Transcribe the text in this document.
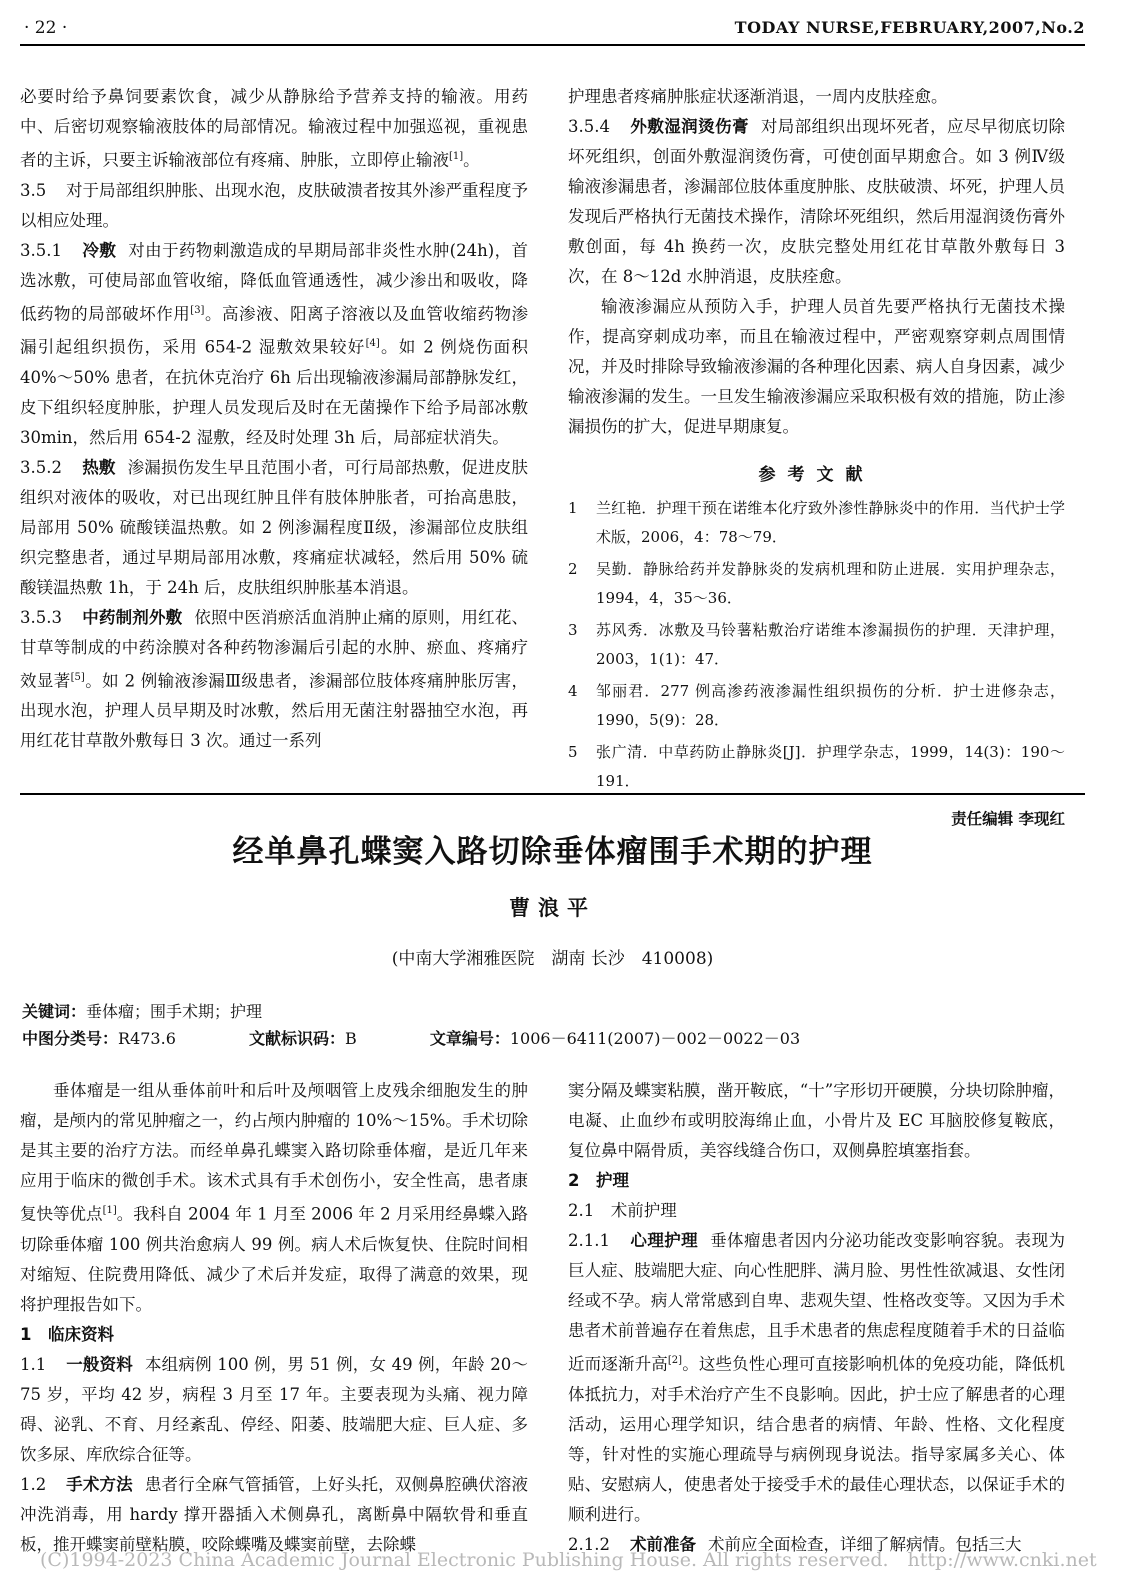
· 22 ·	TODAY NURSE,FEBRUARY,2007,No.2

必要时给予鼻饲要素饮食，减少从静脉给予营养支持的输液。用药中、后密切观察输液肢体的局部情况。输液过程中加强巡视，重视患者的主诉，只要主诉输液部位有疼痛、肿胀，立即停止输液[1]。

3.5 对于局部组织肿胀、出现水泡，皮肤破溃者按其外渗严重程度予以相应处理。

3.5.1 冷敷 对由于药物刺激造成的早期局部非炎性水肿(24h)，首选冰敷，可使局部血管收缩，降低血管通透性，减少渗出和吸收，降低药物的局部破坏作用[3]。高渗液、阳离子溶液以及血管收缩药物渗漏引起组织损伤，采用 654-2 湿敷效果较好[4]。如 2 例烧伤面积 40%～50% 患者，在抗休克治疗 6h 后出现输液渗漏局部静脉发红，皮下组织轻度肿胀，护理人员发现后及时在无菌操作下给予局部冰敷 30min，然后用 654-2 湿敷，经及时处理 3h 后，局部症状消失。

3.5.2 热敷 渗漏损伤发生早且范围小者，可行局部热敷，促进皮肤组织对液体的吸收，对已出现红肿且伴有肢体肿胀者，可抬高患肢，局部用 50% 硫酸镁温热敷。如 2 例渗漏程度Ⅱ级，渗漏部位皮肤组织完整患者，通过早期局部用冰敷，疼痛症状减轻，然后用 50% 硫酸镁温热敷 1h，于 24h 后，皮肤组织肿胀基本消退。

3.5.3 中药制剂外敷 依照中医消瘀活血消肿止痛的原则，用红花、甘草等制成的中药涂膜对各种药物渗漏后引起的水肿、瘀血、疼痛疗效显著[5]。如 2 例输液渗漏Ⅲ级患者，渗漏部位肢体疼痛肿胀厉害，出现水泡，护理人员早期及时冰敷，然后用无菌注射器抽空水泡，再用红花甘草散外敷每日 3 次。通过一系列

护理患者疼痛肿胀症状逐渐消退，一周内皮肤痊愈。

3.5.4 外敷湿润烫伤膏 对局部组织出现坏死者，应尽早彻底切除坏死组织，创面外敷湿润烫伤膏，可使创面早期愈合。如 3 例Ⅳ级输液渗漏患者，渗漏部位肢体重度肿胀、皮肤破溃、坏死，护理人员发现后严格执行无菌技术操作，清除坏死组织，然后用湿润烫伤膏外敷创面，每 4h 换药一次，皮肤完整处用红花甘草散外敷每日 3 次，在 8～12d 水肿消退，皮肤痊愈。

输液渗漏应从预防入手，护理人员首先要严格执行无菌技术操作，提高穿刺成功率，而且在输液过程中，严密观察穿刺点周围情况，并及时排除导致输液渗漏的各种理化因素、病人自身因素，减少输液渗漏的发生。一旦发生输液渗漏应采取积极有效的措施，防止渗漏损伤的扩大，促进早期康复。

参考文献
1 兰红艳．护理干预在诺维本化疗致外渗性静脉炎中的作用．当代护士学术版，2006，4：78～79．
2 吴勤．静脉给药并发静脉炎的发病机理和防止进展．实用护理杂志，1994，4，35～36．
3 苏风秀．冰敷及马铃薯粘敷治疗诺维本渗漏损伤的护理．天津护理，2003，1(1)：47．
4 邹丽君．277 例高渗药液渗漏性组织损伤的分析．护士进修杂志，1990，5(9)：28．
5 张广清．中草药防止静脉炎[J]．护理学杂志，1999，14(3)：190～191．
责任编辑 李现红
经单鼻孔蝶窦入路切除垂体瘤围手术期的护理
曹浪平
(中南大学湘雅医院　湖南 长沙　410008)
关键词：垂体瘤；围手术期；护理
中图分类号：R473.6	文献标识码：B	文章编号：1006－6411(2007)－002－0022－03

垂体瘤是一组从垂体前叶和后叶及颅咽管上皮残余细胞发生的肿瘤，是颅内的常见肿瘤之一，约占颅内肿瘤的 10%～15%。手术切除是其主要的治疗方法。而经单鼻孔蝶窦入路切除垂体瘤，是近几年来应用于临床的微创手术。该术式具有手术创伤小，安全性高，患者康复快等优点[1]。我科自 2004 年 1 月至 2006 年 2 月采用经鼻蝶入路切除垂体瘤 100 例共治愈病人 99 例。病人术后恢复快、住院时间相对缩短、住院费用降低、减少了术后并发症，取得了满意的效果，现将护理报告如下。

1　临床资料

1.1 一般资料 本组病例 100 例，男 51 例，女 49 例，年龄 20～75 岁，平均 42 岁，病程 3 月至 17 年。主要表现为头痛、视力障碍、泌乳、不育、月经紊乱、停经、阳萎、肢端肥大症、巨人症、多饮多尿、库欣综合征等。

1.2 手术方法 患者行全麻气管插管，上好头托，双侧鼻腔碘伏溶液冲洗消毒，用 hardy 撑开器插入术侧鼻孔，离断鼻中隔软骨和垂直板，推开蝶窦前壁粘膜，咬除蝶嘴及蝶窦前壁，去除蝶

窦分隔及蝶窦粘膜，凿开鞍底，“十”字形切开硬膜，分块切除肿瘤，电凝、止血纱布或明胶海绵止血，小骨片及 EC 耳脑胶修复鞍底，复位鼻中隔骨质，美容线缝合伤口，双侧鼻腔填塞指套。

2　护理

2.1　术前护理

2.1.1 心理护理 垂体瘤患者因内分泌功能改变影响容貌。表现为巨人症、肢端肥大症、向心性肥胖、满月脸、男性性欲减退、女性闭经或不孕。病人常常感到自卑、悲观失望、性格改变等。又因为手术患者术前普遍存在着焦虑，且手术患者的焦虑程度随着手术的日益临近而逐渐升高[2]。这些负性心理可直接影响机体的免疫功能，降低机体抵抗力，对手术治疗产生不良影响。因此，护士应了解患者的心理活动，运用心理学知识，结合患者的病情、年龄、性格、文化程度等，针对性的实施心理疏导与病例现身说法。指导家属多关心、体贴、安慰病人，使患者处于接受手术的最佳心理状态，以保证手术的顺利进行。

2.1.2 术前准备 术前应全面检查，详细了解病情。包括三大

(C)1994-2023 China Academic Journal Electronic Publishing House. All rights reserved.　http://www.cnki.net
